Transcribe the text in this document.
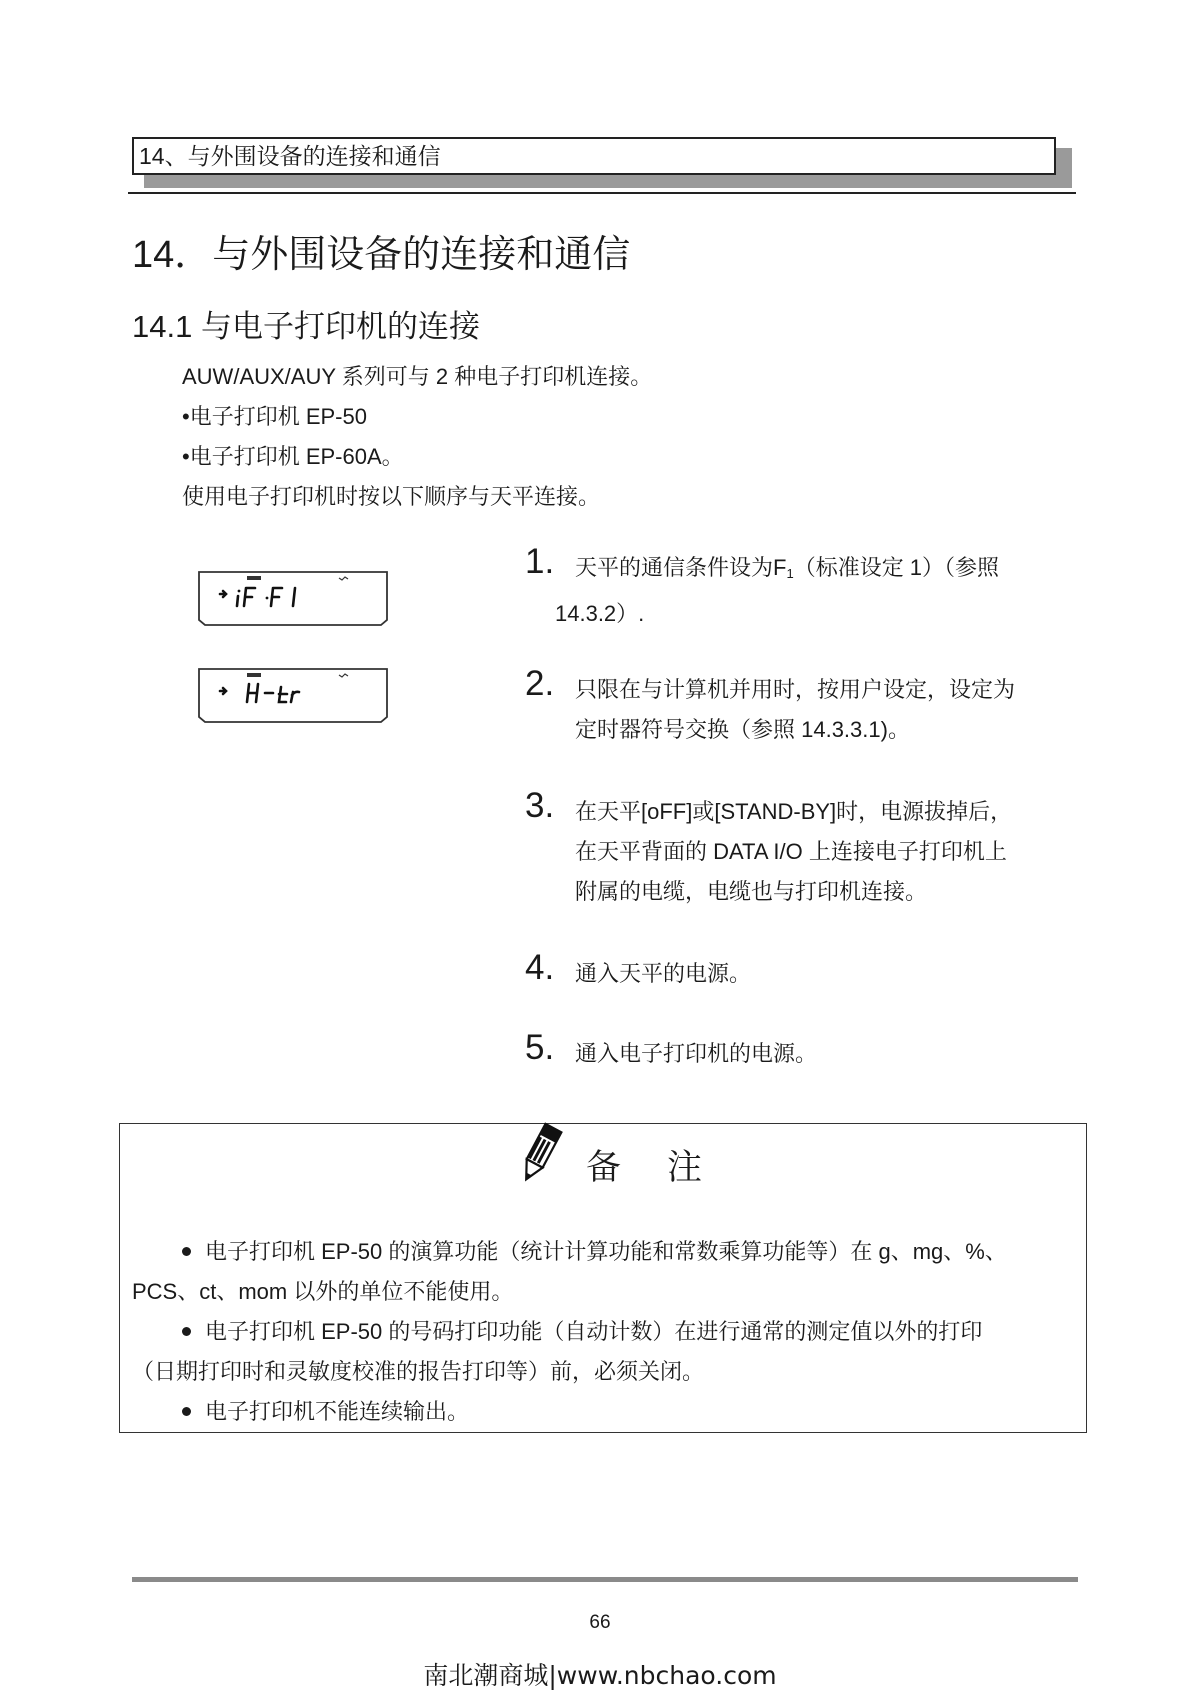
14、与外围设备的连接和通信
14．与外围设备的连接和通信
14.1 与电子打印机的连接

AUW/AUX/AUY 系列可与 2 种电子打印机连接。

•电子打印机 EP-50

•电子打印机 EP-60A。

使用电子打印机时按以下顺序与天平连接。

1. 天平的通信条件设为$F_1$（标准设定 1）（参照
14.3.2）.
2. 只限在与计算机并用时，按用户设定，设定为
定时器符号交换（参照 14.3.3.1)。
3. 在天平[oFF]或[STAND-BY]时，电源拔掉后，
在天平背面的 DATA I/O 上连接电子打印机上
附属的电缆，电缆也与打印机连接。
4. 通入天平的电源。
5. 通入电子打印机的电源。
备注
电子打印机 EP-50 的演算功能（统计计算功能和常数乘算功能等）在 g、mg、%、
PCS、ct、mom 以外的单位不能使用。
电子打印机 EP-50 的号码打印功能（自动计数）在进行通常的测定值以外的打印
（日期打印时和灵敏度校准的报告打印等）前，必须关闭。
电子打印机不能连续输出。
66
南北潮商城|www.nbchao.com
